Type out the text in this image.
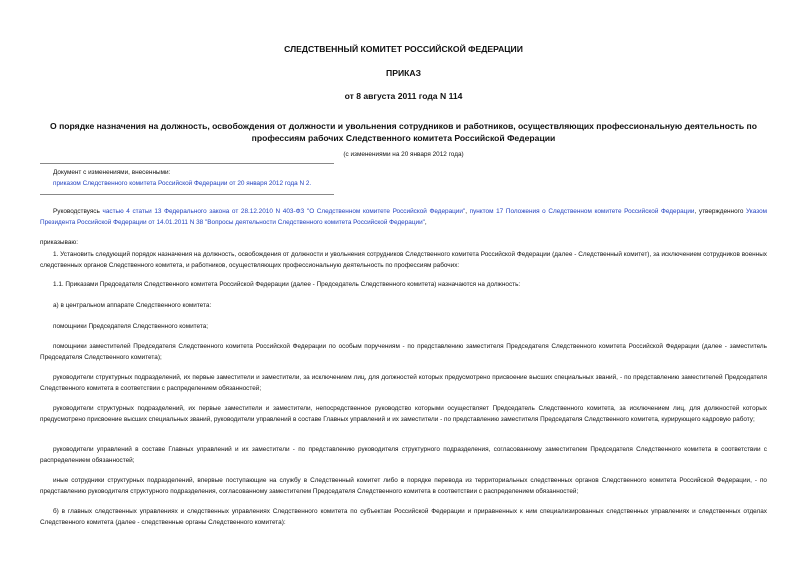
СЛЕДСТВЕННЫЙ КОМИТЕТ РОССИЙСКОЙ ФЕДЕРАЦИИ
ПРИКАЗ
от 8 августа 2011 года N 114
О порядке назначения на должность, освобождения от должности и увольнения сотрудников и работников, осуществляющих профессиональную деятельность по профессиям рабочих Следственного комитета Российской Федерации
(с изменениями на 20 января 2012 года)
Документ с изменениями, внесенными:
приказом Следственного комитета Российской Федерации от 20 января 2012 года N 2.
Руководствуясь частью 4 статьи 13 Федерального закона от 28.12.2010 N 403-ФЗ "О Следственном комитете Российской Федерации", пунктом 17 Положения о Следственном комитете Российской Федерации, утвержденного Указом Президента Российской Федерации от 14.01.2011 N 38 "Вопросы деятельности Следственного комитета Российской Федерации",
приказываю:
1. Установить следующий порядок назначения на должность, освобождения от должности и увольнения сотрудников Следственного комитета Российской Федерации (далее - Следственный комитет), за исключением сотрудников военных следственных органов Следственного комитета, и работников, осуществляющих профессиональную деятельность по профессиям рабочих:
1.1. Приказами Председателя Следственного комитета Российской Федерации (далее - Председатель Следственного комитета) назначаются на должность:
а) в центральном аппарате Следственного комитета:
помощники Председателя Следственного комитета;
помощники заместителей Председателя Следственного комитета Российской Федерации по особым поручениям - по представлению заместителя Председателя Следственного комитета Российской Федерации (далее - заместитель Председателя Следственного комитета);
руководители структурных подразделений, их первые заместители и заместители, за исключением лиц, для должностей которых предусмотрено присвоение высших специальных званий, - по представлению заместителей Председателя Следственного комитета в соответствии с распределением обязанностей;
руководители структурных подразделений, их первые заместители и заместители, непосредственное руководство которыми осуществляет Председатель Следственного комитета, за исключением лиц, для должностей которых предусмотрено присвоение высших специальных званий, руководители управлений в составе Главных управлений и их заместители - по представлению заместителя Председателя Следственного комитета, курирующего кадровую работу;
руководители управлений в составе Главных управлений и их заместители - по представлению руководителя структурного подразделения, согласованному заместителем Председателя Следственного комитета в соответствии с распределением обязанностей;
иные сотрудники структурных подразделений, впервые поступающие на службу в Следственный комитет либо в порядке перевода из территориальных следственных органов Следственного комитета Российской Федерации, - по представлению руководителя структурного подразделения, согласованному заместителем Председателя Следственного комитета в соответствии с распределением обязанностей;
б) в главных следственных управлениях и следственных управлениях Следственного комитета по субъектам Российской Федерации и приравненных к ним специализированных следственных управлениях и следственных отделах Следственного комитета (далее - следственные органы Следственного комитета):
